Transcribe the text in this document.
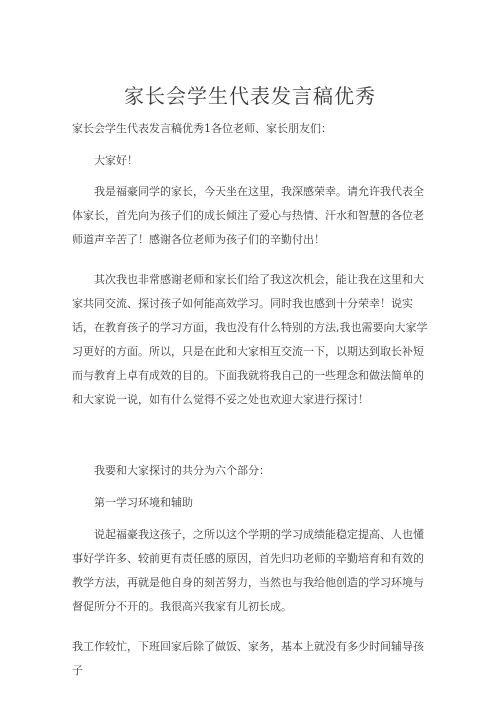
家长会学生代表发言稿优秀

家长会学生代表发言稿优秀1各位老师、家长朋友们：

大家好！

我是福豪同学的家长，今天坐在这里，我深感荣幸。请允许我代表全体家长，首先向为孩子们的成长倾注了爱心与热情、汗水和智慧的各位老师道声辛苦了！感谢各位老师为孩子们的辛勤付出！

其次我也非常感谢老师和家长们给了我这次机会，能让我在这里和大家共同交流、探讨孩子如何能高效学习。同时我也感到十分荣幸！说实话，在教育孩子的学习方面，我也没有什么特别的方法,我也需要向大家学习更好的方面。所以，只是在此和大家相互交流一下，以期达到取长补短而与教育上卓有成效的目的。下面我就将我自己的一些理念和做法简单的和大家说一说，如有什么觉得不妥之处也欢迎大家进行探讨！

我要和大家探讨的共分为六个部分：

第一学习环境和辅助

说起福豪我这孩子，之所以这个学期的学习成绩能稳定提高、人也懂事好学许多、较前更有责任感的原因，首先归功老师的辛勤培育和有效的教学方法，再就是他自身的刻苦努力，当然也与我给他创造的学习环境与督促所分不开的。我很高兴我家有儿初长成。

我工作较忙，下班回家后除了做饭、家务，基本上就没有多少时间辅导孩子
